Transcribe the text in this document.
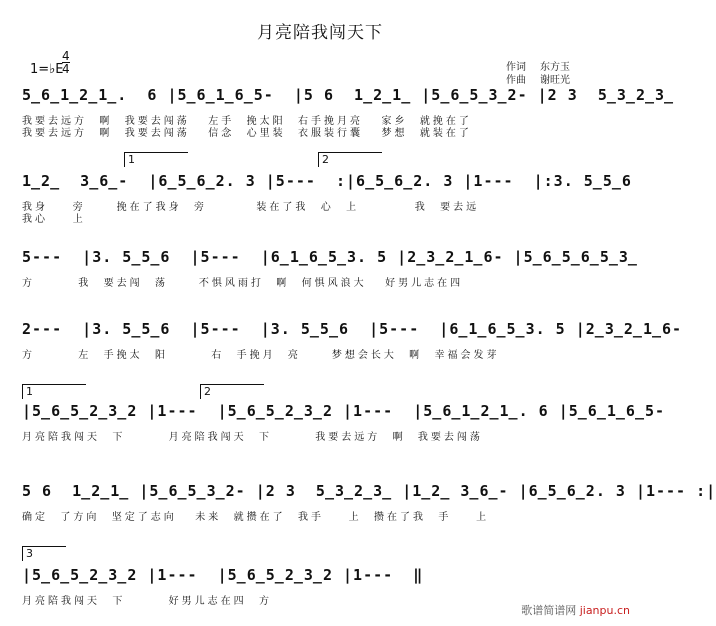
月亮陪我闯天下
1=♭E
4
4	作词 东方玉
作曲 谢旺光
5̲6̲1̲2̲1̲.  6 |5̲6̲1̲6̲5-  |5 6  1̲2̲1̲ |5̲6̲5̲3̲2- |2 3  5̲3̲2̲3̲
我要去远方  啊  我要去闯荡   左手  挽太阳  右手挽月亮   家乡  就挽在了
我要去远方  啊  我要去闯荡   信念  心里装  衣服装行囊   梦想  就装在了
1	2
1̲2̲  3̲6̲-  |6̲5̲6̲2. 3 |5---  :|6̲5̲6̲2. 3 |1---  |:3. 5̲5̲6
我身    旁     挽在了我身  旁        装在了我  心  上         我  要去远
我心    上
5---  |3. 5̲5̲6  |5---  |6̲1̲6̲5̲3. 5 |2̲3̲2̲1̲6- |5̲6̲5̲6̲5̲3̲
方       我  要去闯  荡     不惧风雨打  啊  何惧风浪大   好男儿志在四
2---  |3. 5̲5̲6  |5---  |3. 5̲5̲6  |5---  |6̲1̲6̲5̲3. 5 |2̲3̲2̲1̲6-
方       左  手挽太  阳       右  手挽月  亮     梦想会长大  啊  幸福会发芽
1	2
|5̲6̲5̲2̲3̲2 |1---  |5̲6̲5̲2̲3̲2 |1---  |5̲6̲1̲2̲1̲. 6 |5̲6̲1̲6̲5-
月亮陪我闯天  下       月亮陪我闯天  下       我要去远方  啊  我要去闯荡
5 6  1̲2̲1̲ |5̲6̲5̲3̲2- |2 3  5̲3̲2̲3̲ |1̲2̲ 3̲6̲- |6̲5̲6̲2. 3 |1--- :|
确定  了方向  坚定了志向   未来  就攒在了  我手    上  攒在了我  手    上
3
|5̲6̲5̲2̲3̲2 |1---  |5̲6̲5̲2̲3̲2 |1---  ‖
月亮陪我闯天  下       好男儿志在四  方
歌谱简谱网 jianpu.cn
